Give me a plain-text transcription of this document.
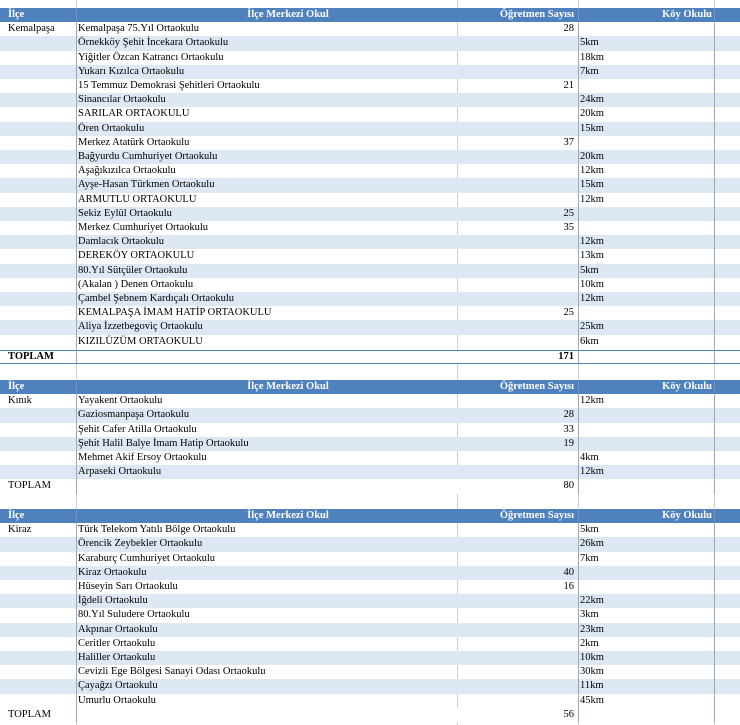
İlçe	İlçe Merkezi Okul	Öğretmen Sayısı	Köy Okulu
Kemalpaşa	Kemalpaşa 75.Yıl Ortaokulu	28
Örnekköy Şehit İncekara Ortaokulu	5km
Yiğitler Özcan Katrancı Ortaokulu	18km
Yukarı Kızılca Ortaokulu	7km
15 Temmuz Demokrasi Şehitleri Ortaokulu	21
Sinancılar Ortaokulu	24km
SARILAR ORTAOKULU	20km
Ören Ortaokulu	15km
Merkez Atatürk Ortaokulu	37
Bağyurdu Cumhuriyet Ortaokulu	20km
Aşağıkızılca Ortaokulu	12km
Ayşe-Hasan Türkmen Ortaokulu	15km
ARMUTLU ORTAOKULU	12km
Sekiz Eylül Ortaokulu	25
Merkez Cumhuriyet Ortaokulu	35
Damlacık Ortaokulu	12km
DEREKÖY ORTAOKULU	13km
80.Yıl Sütçüler Ortaokulu	5km
(Akalan ) Denen Ortaokulu	10km
Çambel Şebnem Kardıçalı Ortaokulu	12km
KEMALPAŞA İMAM HATİP ORTAOKULU	25
Aliya İzzetbegoviç Ortaokulu	25km
KIZILÜZÜM ORTAOKULU	6km
TOPLAM	171
İlçe	İlçe Merkezi Okul	Öğretmen Sayısı	Köy Okulu
Kınık	Yayakent Ortaokulu	12km
Gaziosmanpaşa Ortaokulu	28
Şehit Cafer Atilla Ortaokulu	33
Şehit Halil Balye İmam Hatip Ortaokulu	19
Mehmet Akif Ersoy Ortaokulu	4km
Arpaseki Ortaokulu	12km
TOPLAM	80
İlçe	İlçe Merkezi Okul	Öğretmen Sayısı	Köy Okulu
Kiraz	Türk Telekom Yatılı Bölge Ortaokulu	5km
Örencik Zeybekler Ortaokulu	26km
Karaburç Cumhuriyet Ortaokulu	7km
Kiraz Ortaokulu	40
Hüseyin Sarı Ortaokulu	16
İğdeli Ortaokulu	22km
80.Yıl Suludere Ortaokulu	3km
Akpınar Ortaokulu	23km
Ceritler Ortaokulu	2km
Haliller Ortaokulu	10km
Cevizli Ege Bölgesi Sanayi Odası Ortaokulu	30km
Çayağzı Ortaokulu	11km
Umurlu Ortaokulu	45km
TOPLAM	56
